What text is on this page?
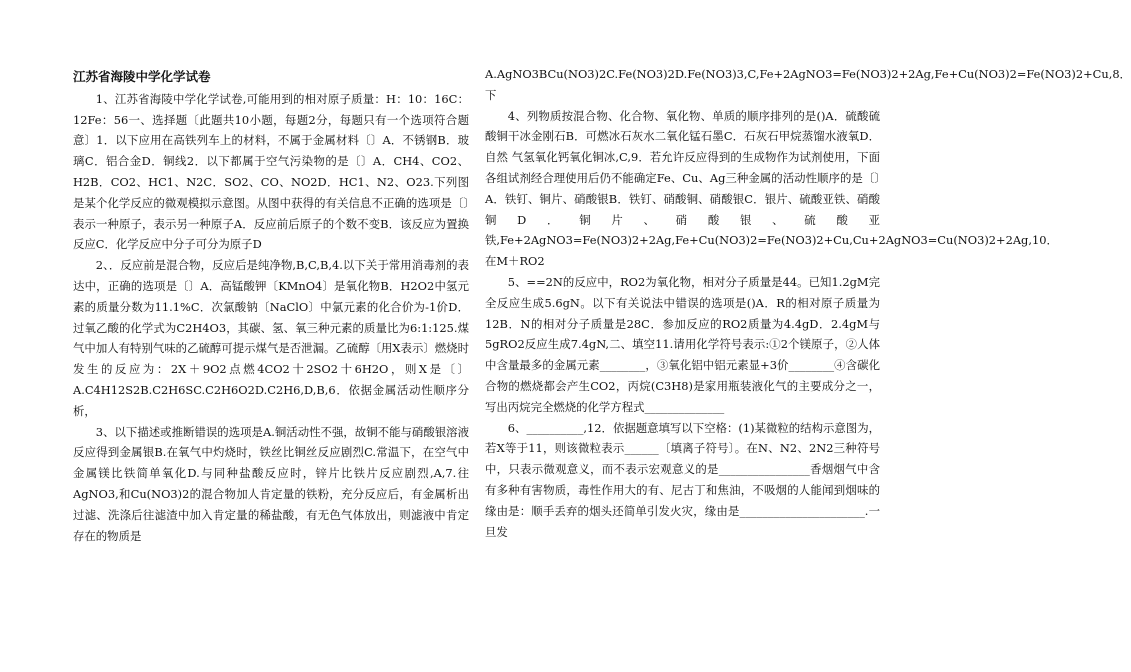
江苏省海陵中学化学试卷

1、江苏省海陵中学化学试卷,可能用到的相对原子质量：H：10：16C：12Fe：56一、选择题〔此题共10小题，每题2分，每题只有一个选项符合题意〕1．以下应用在高铁列车上的材料，不属于金属材料〔〕A．不锈钢B．玻璃C．铝合金D．铜线2．以下都属于空气污染物的是〔〕A．CH4、CO2、H2B．CO2、HC1、N2C．SO2、CO、NO2D．HC1、N2、O23.下列图是某个化学反应的微观模拟示意图。从图中获得的有关信息不正确的选项是〔〕表示一种原子，表示另一种原子A．反应前后原子的个数不变B．该反应为置换反应C．化学反应中分子可分为原子D

2、．反应前是混合物，反应后是纯净物,B,C,B,4.以下关于常用消毒剂的表达中，正确的选项是〔〕A．高锰酸钾〔KMnO4〕是氧化物B．H2O2中氢元素的质量分数为11.1%C．次氯酸钠〔NaClO〕中氯元素的化合价为-1价D．过氧乙酸的化学式为C2H4O3，其碳、氢、氧三种元素的质量比为6:1:125.煤气中加人有特别气味的乙硫醇可提示煤气是否泄漏。乙硫醇〔用X表示〕燃烧时发生的反应为：2X＋9O2点燃4CO2十2SO2十6H2O，则X是〔〕A.C4H12S2B.C2H6SC.C2H6O2D.C2H6,D,B,6．依据金属活动性顺序分析，

3、以下描述或推断错误的选项是A.铜活动性不强，故铜不能与硝酸银溶液反应得到金属银B.在氧气中灼烧时，铁丝比铜丝反应剧烈C.常温下，在空气中金属镁比铁简单氧化D.与同种盐酸反应时，锌片比铁片反应剧烈,A,7.往AgNO3,和Cu(NO3)2的混合物加人肯定量的铁粉，充分反应后，有金属析出过滤、洗涤后往滤渣中加入肯定量的稀盐酸，有无色气体放出，则滤液中肯定存在的物质是

A.AgNO3BCu(NO3)2C.Fe(NO3)2D.Fe(NO3)3,C,Fe+2AgNO3=Fe(NO3)2+2Ag,Fe+Cu(NO3)2=Fe(NO3)2+Cu,8．下

4、列物质按混合物、化合物、氧化物、单质的顺序排列的是()A．硫酸硫酸铜干冰金刚石B．可燃冰石灰水二氧化锰石墨C．石灰石甲烷蒸馏水液氧D．自然 气氢氧化钙氧化铜冰,C,9．若允许反应得到的生成物作为试剂使用，下面各组试剂经合理使用后仍不能确定Fe、Cu、Ag三种金属的活动性顺序的是〔〕A．铁钉、铜片、硝酸银B．铁钉、硝酸铜、硝酸银C．银片、硫酸亚铁、硝酸铜D．铜片、硝酸银、硫酸亚铁,Fe+2AgNO3=Fe(NO3)2+2Ag,Fe+Cu(NO3)2=Fe(NO3)2+Cu,Cu+2AgNO3=Cu(NO3)2+2Ag,10．在M＋RO2

5、==2N的反应中，RO2为氧化物，相对分子质量是44。已知1.2gM完全反应生成5.6gN。以下有关说法中错误的选项是()A．R的相对原子质量为12B．N的相对分子质量是28C．参加反应的RO2质量为4.4gD．2.4gM与5gRO2反应生成7.4gN,二、填空11.请用化学符号表示:①2个镁原子，②人体中含量最多的金属元素________，③氧化铝中铝元素显+3价________④含碳化合物的燃烧都会产生CO2，丙烷(C3H8)是家用瓶装液化气的主要成分之一，写出丙烷完全燃烧的化学方程式______________

6、__________,12．依据题意填写以下空格：(1)某微粒的结构示意图为，若X等于11，则该微粒表示______〔填离子符号〕。在N、N2、2N2三种符号中，只表示微观意义，而不表示宏观意义的是________________香烟烟气中含有多种有害物质，毒性作用大的有、尼古丁和焦油，不吸烟的人能闻到烟味的缘由是：顺手丢弃的烟头还简单引发火灾，缘由是______________________.一旦发
